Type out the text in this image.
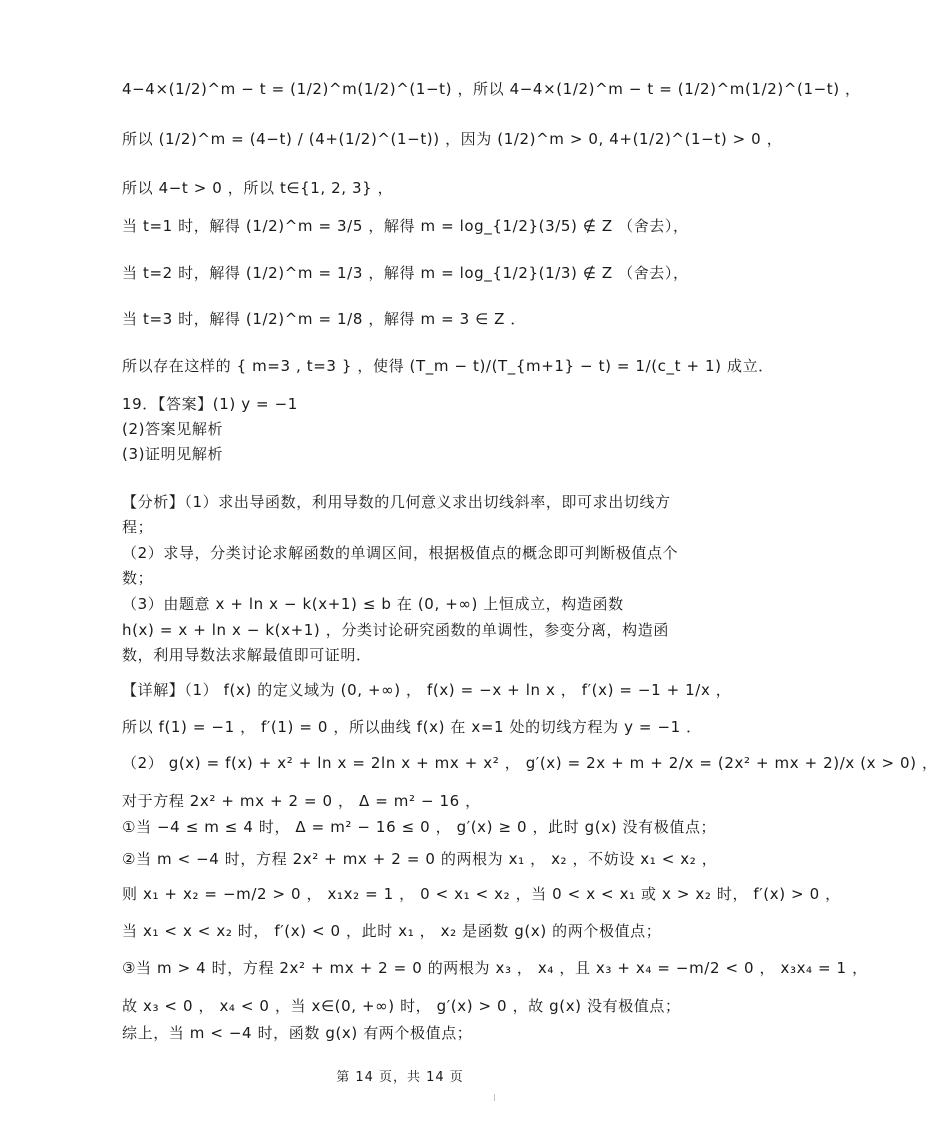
4−4×(1/2)^m − t = (1/2)^m(1/2)^(1−t) ，所以 4−4×(1/2)^m − t = (1/2)^m(1/2)^(1−t) ，
所以 (1/2)^m = (4−t) / (4+(1/2)^(1−t)) ，因为 (1/2)^m > 0, 4+(1/2)^(1−t) > 0 ，
所以 4−t > 0 ，所以 t∈{1, 2, 3} ，
当 t=1 时，解得 (1/2)^m = 3/5 ，解得 m = log_{1/2}(3/5) ∉ Z （舍去），
当 t=2 时，解得 (1/2)^m = 1/3 ，解得 m = log_{1/2}(1/3) ∉ Z （舍去），
当 t=3 时，解得 (1/2)^m = 1/8 ，解得 m = 3 ∈ Z ．
所以存在这样的 { m=3 , t=3 } ，使得 (T_m − t)/(T_{m+1} − t) = 1/(c_t + 1) 成立．
19．【答案】(1) y = −1
(2)答案见解析
(3)证明见解析
【分析】（1）求出导函数，利用导数的几何意义求出切线斜率，即可求出切线方程；
（2）求导，分类讨论求解函数的单调区间，根据极值点的概念即可判断极值点个数；
（3）由题意 x + ln x − k(x+1) ≤ b 在 (0, +∞) 上恒成立，构造函数
h(x) = x + ln x − k(x+1) ，分类讨论研究函数的单调性，参变分离，构造函数，利用导数法求解最值即可证明．
【详解】（1） f(x) 的定义域为 (0, +∞) ， f(x) = −x + ln x ， f′(x) = −1 + 1/x ，
所以 f(1) = −1 ， f′(1) = 0 ，所以曲线 f(x) 在 x=1 处的切线方程为 y = −1 ．
（2） g(x) = f(x) + x² + ln x = 2ln x + mx + x² ， g′(x) = 2x + m + 2/x = (2x² + mx + 2)/x (x > 0) ，
对于方程 2x² + mx + 2 = 0 ， Δ = m² − 16 ，
①当 −4 ≤ m ≤ 4 时， Δ = m² − 16 ≤ 0 ， g′(x) ≥ 0 ，此时 g(x) 没有极值点；
②当 m < −4 时，方程 2x² + mx + 2 = 0 的两根为 x₁ ， x₂ ，不妨设 x₁ < x₂ ，
则 x₁ + x₂ = −m/2 > 0 ， x₁x₂ = 1 ， 0 < x₁ < x₂ ，当 0 < x < x₁ 或 x > x₂ 时， f′(x) > 0 ，
当 x₁ < x < x₂ 时， f′(x) < 0 ，此时 x₁ ， x₂ 是函数 g(x) 的两个极值点；
③当 m > 4 时，方程 2x² + mx + 2 = 0 的两根为 x₃ ， x₄ ，且 x₃ + x₄ = −m/2 < 0 ， x₃x₄ = 1 ，
故 x₃ < 0 ， x₄ < 0 ，当 x∈(0, +∞) 时， g′(x) > 0 ，故 g(x) 没有极值点；
综上，当 m < −4 时，函数 g(x) 有两个极值点；
第 14 页，共 14 页
